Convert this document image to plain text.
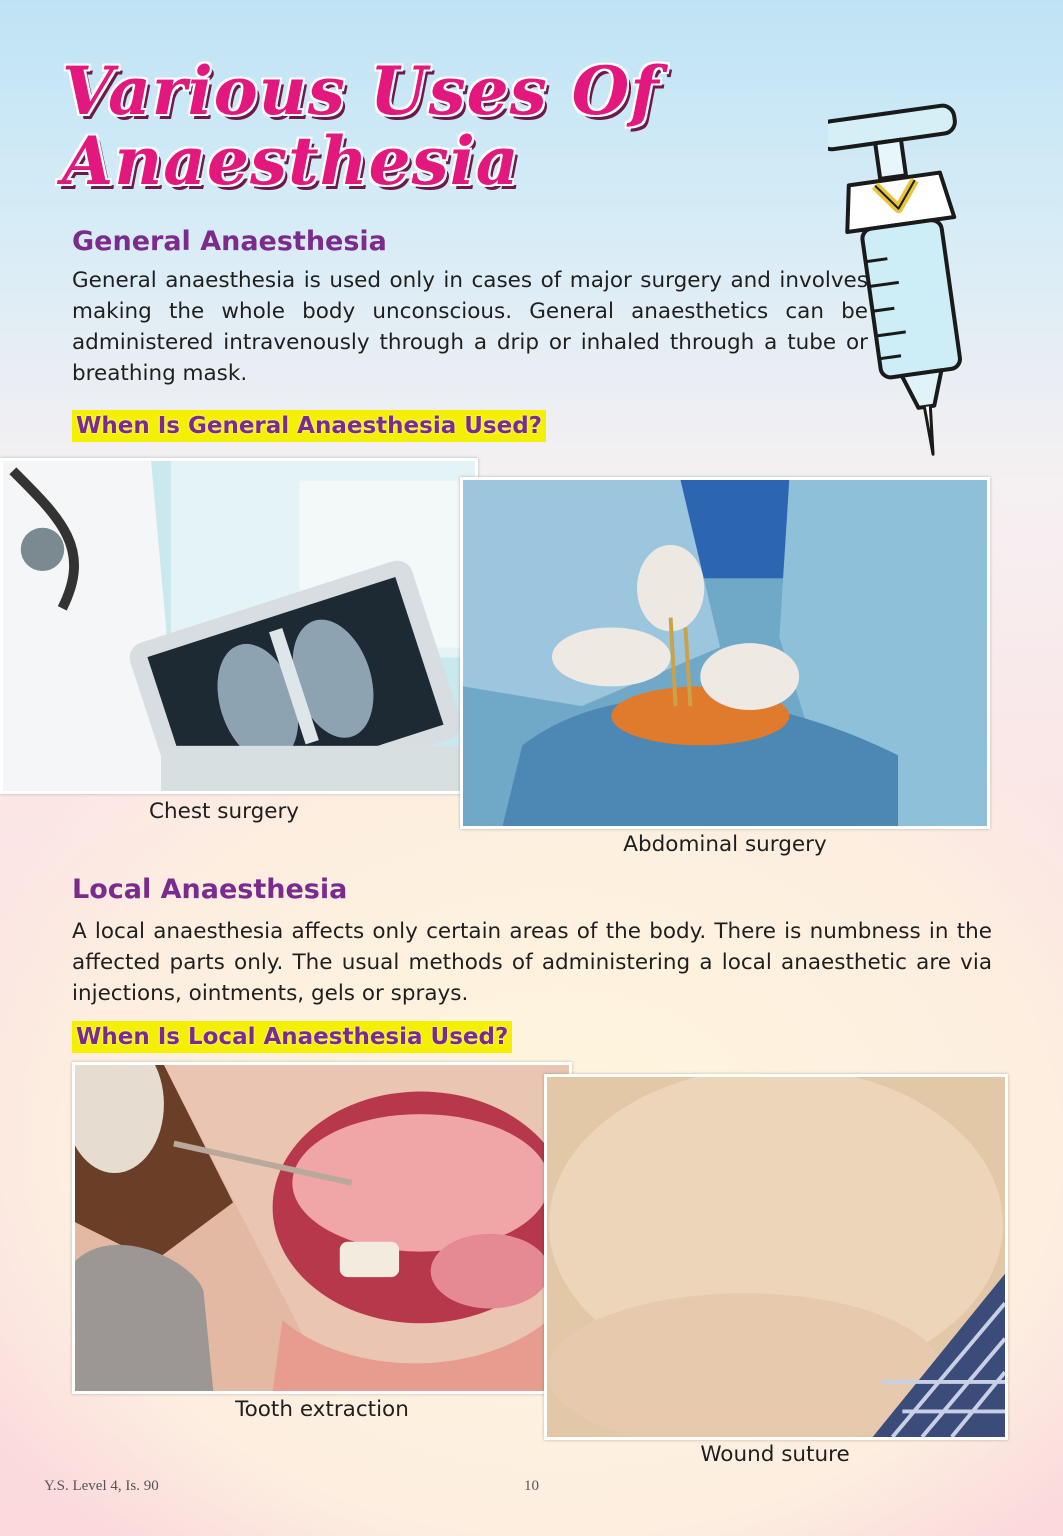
Various Uses Of Anaesthesia
General Anaesthesia

General anaesthesia is used only in cases of major surgery and involves making the whole body unconscious. General anaesthetics can be administered intravenously through a drip or inhaled through a tube or breathing mask.

When Is General Anaesthesia Used?

Chest surgery

Abdominal surgery

Local Anaesthesia

A local anaesthesia affects only certain areas of the body. There is numbness in the affected parts only. The usual methods of administering a local anaesthetic are via injections, ointments, gels or sprays.

When Is Local Anaesthesia Used?

Tooth extraction

Wound suture

Y.S. Level 4, Is. 90	10
